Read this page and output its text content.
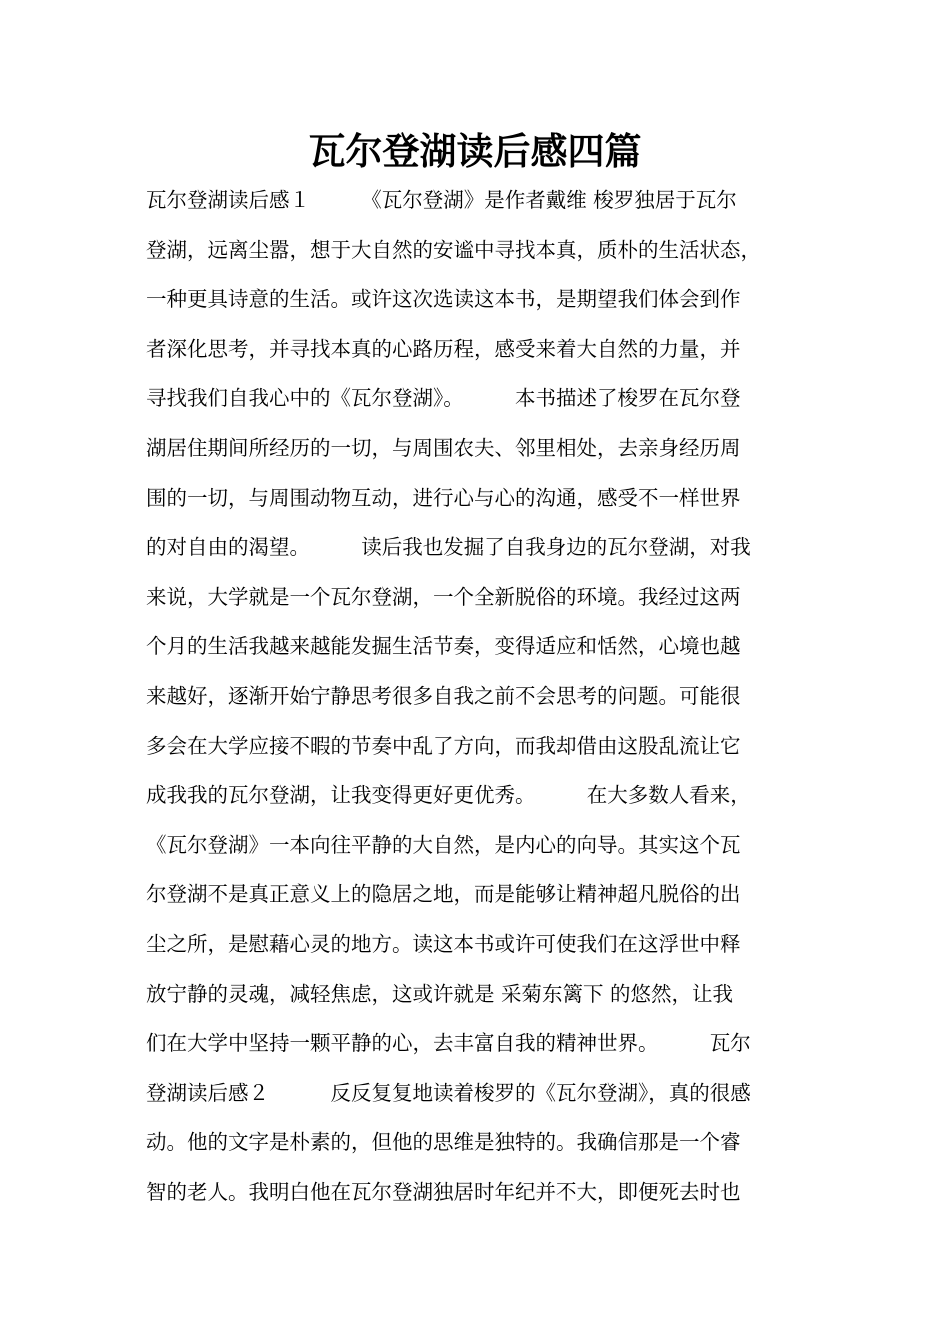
瓦尔登湖读后感四篇
瓦尔登湖读后感１　　　《瓦尔登湖》是作者戴维 梭罗独居于瓦尔
登湖，远离尘嚣，想于大自然的安谧中寻找本真，质朴的生活状态，
一种更具诗意的生活。或许这次选读这本书，是期望我们体会到作
者深化思考，并寻找本真的心路历程，感受来着大自然的力量，并
寻找我们自我心中的《瓦尔登湖》。　　　本书描述了梭罗在瓦尔登
湖居住期间所经历的一切，与周围农夫、邻里相处，去亲身经历周
围的一切，与周围动物互动，进行心与心的沟通，感受不一样世界
的对自由的渴望。　　　读后我也发掘了自我身边的瓦尔登湖，对我
来说，大学就是一个瓦尔登湖，一个全新脱俗的环境。我经过这两
个月的生活我越来越能发掘生活节奏，变得适应和恬然，心境也越
来越好，逐渐开始宁静思考很多自我之前不会思考的问题。可能很
多会在大学应接不暇的节奏中乱了方向，而我却借由这股乱流让它
成我我的瓦尔登湖，让我变得更好更优秀。　　　在大多数人看来，
《瓦尔登湖》一本向往平静的大自然，是内心的向导。其实这个瓦
尔登湖不是真正意义上的隐居之地，而是能够让精神超凡脱俗的出
尘之所，是慰藉心灵的地方。读这本书或许可使我们在这浮世中释
放宁静的灵魂，减轻焦虑，这或许就是 采菊东篱下 的悠然，让我
们在大学中坚持一颗平静的心，去丰富自我的精神世界。　　　瓦尔
登湖读后感２　　　反反复复地读着梭罗的《瓦尔登湖》，真的很感
动。他的文字是朴素的，但他的思维是独特的。我确信那是一个睿
智的老人。我明白他在瓦尔登湖独居时年纪并不大，即便死去时也
